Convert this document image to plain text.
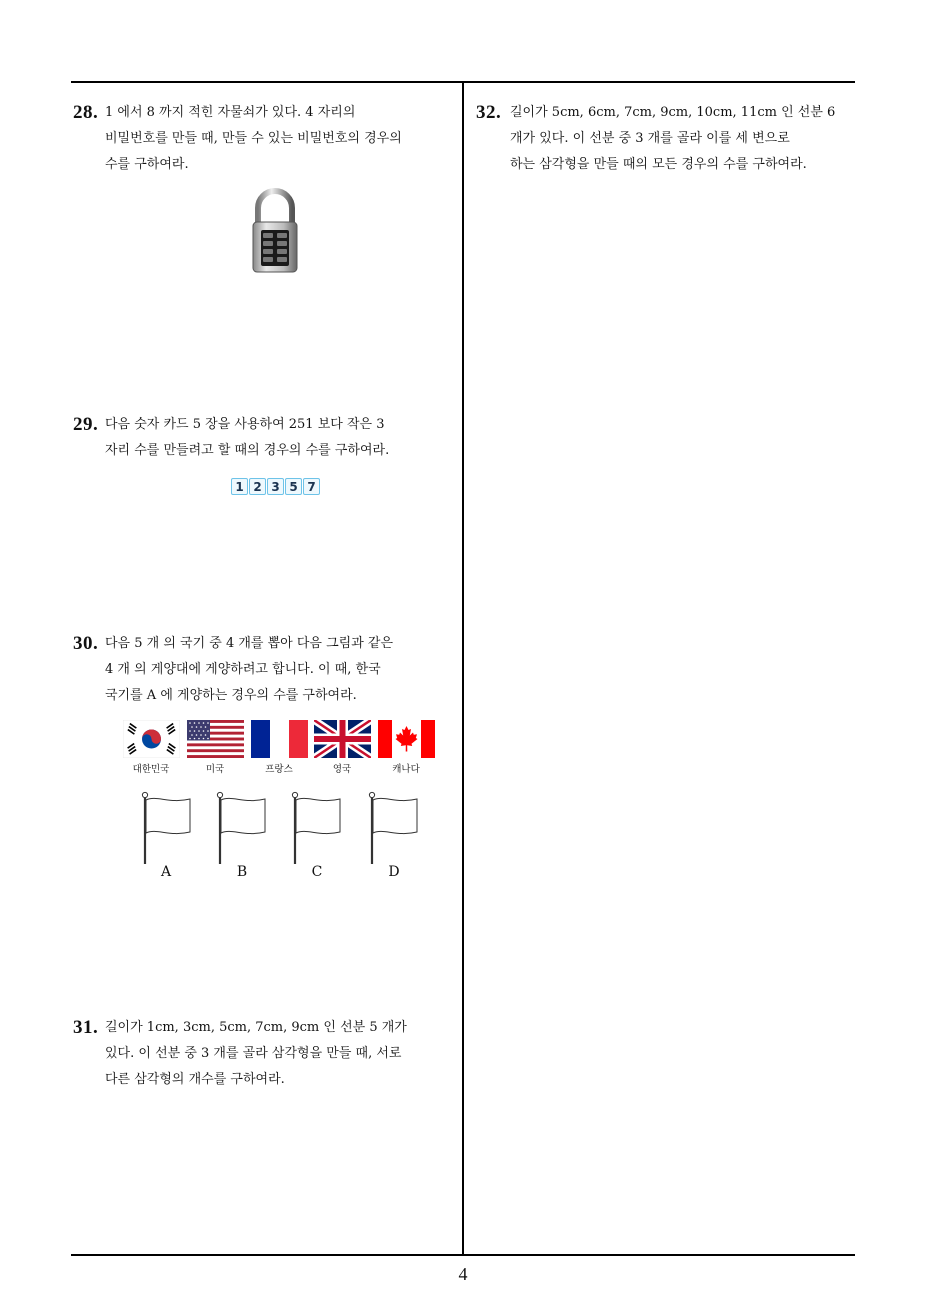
28. 1 에서 8 까지 적힌 자물쇠가 있다. 4 자리의
비밀번호를 만들 때, 만들 수 있는 비밀번호의 경우의
수를 구하여라.
29. 다음 숫자 카드 5 장을 사용하여 251 보다 작은 3
자리 수를 만들려고 할 때의 경우의 수를 구하여라.
1 2 3 5 7
30. 다음 5 개 의 국기 중 4 개를 뽑아 다음 그림과 같은
4 개 의 게양대에 게양하려고 합니다. 이 때, 한국
국기를 A 에 게양하는 경우의 수를 구하여라.
대한민국	미국	프랑스	영국	캐나다
A	B	C	D
31. 길이가 1cm, 3cm, 5cm, 7cm, 9cm 인 선분 5 개가
있다. 이 선분 중 3 개를 골라 삼각형을 만들 때, 서로
다른 삼각형의 개수를 구하여라.
32. 길이가 5cm, 6cm, 7cm, 9cm, 10cm, 11cm 인 선분 6
개가 있다. 이 선분 중 3 개를 골라 이를 세 변으로
하는 삼각형을 만들 때의 모든 경우의 수를 구하여라.
4
